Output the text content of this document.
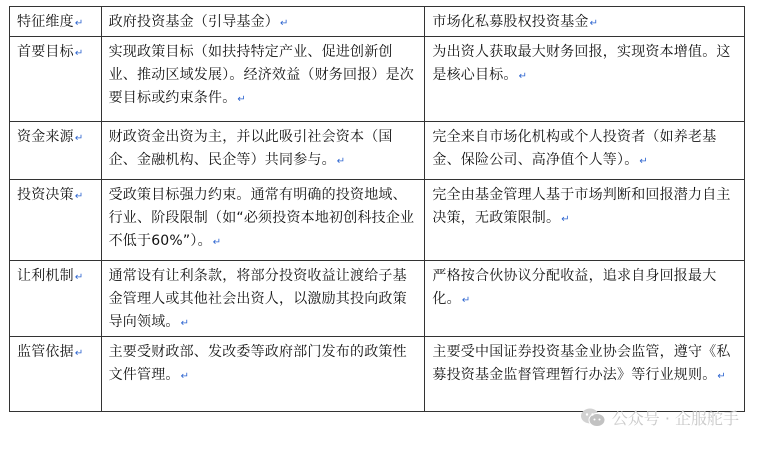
特征维度↵	政府投资基金（引导基金）↵	市场化私募股权投资基金↵
首要目标↵	实现政策目标（如扶持特定产业、促进创新创业、推动区域发展）。经济效益（财务回报）是次要目标或约束条件。↵	为出资人获取最大财务回报，实现资本增值。这是核心目标。↵
资金来源↵	财政资金出资为主，并以此吸引社会资本（国企、金融机构、民企等）共同参与。↵	完全来自市场化机构或个人投资者（如养老基金、保险公司、高净值个人等）。↵
投资决策↵	受政策目标强力约束。通常有明确的投资地域、行业、阶段限制（如“必须投资本地初创科技企业不低于60%”）。↵	完全由基金管理人基于市场判断和回报潜力自主决策，无政策限制。↵
让利机制↵	通常设有让利条款，将部分投资收益让渡给子基金管理人或其他社会出资人，以激励其投向政策导向领域。↵	严格按合伙协议分配收益，追求自身回报最大化。↵
监管依据↵	主要受财政部、发改委等政府部门发布的政策性文件管理。↵	主要受中国证券投资基金业协会监管，遵守《私募投资基金监督管理暂行办法》等行业规则。↵
公众号 · 企服舵手
